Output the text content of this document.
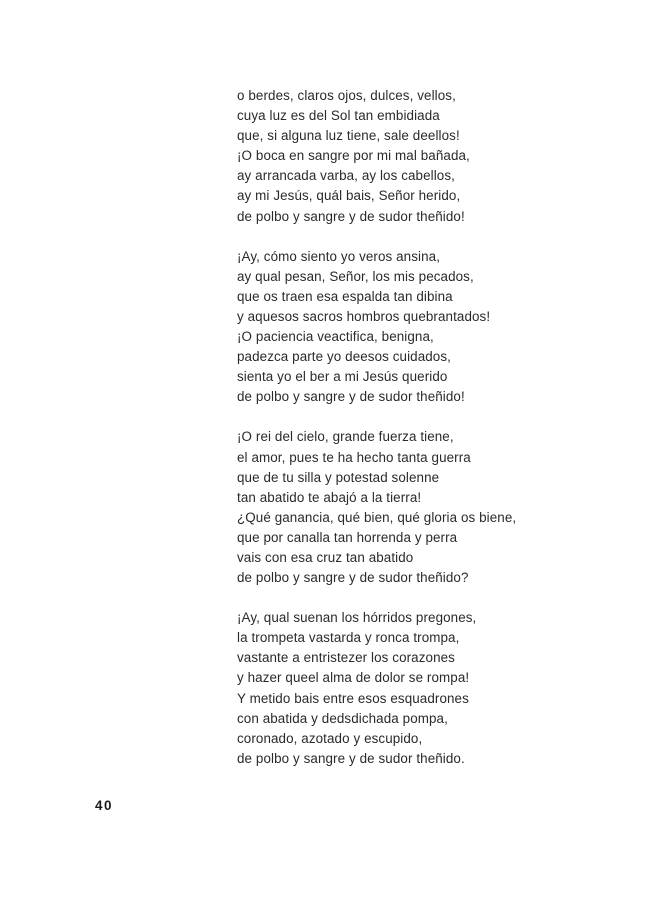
o berdes, claros ojos, dulces, vellos,
cuya luz es del Sol tan embidiada
que, si alguna luz tiene, sale deellos!
¡O boca en sangre por mi mal bañada,
ay arrancada varba, ay los cabellos,
ay mi Jesús, quál bais, Señor herido,
de polbo y sangre y de sudor theñido!
¡Ay, cómo siento yo veros ansina,
ay qual pesan, Señor, los mis pecados,
que os traen esa espalda tan dibina
y aquesos sacros hombros quebrantados!
¡O paciencia veactifica, benigna,
padezca parte yo deesos cuidados,
sienta yo el ber a mi Jesús querido
de polbo y sangre y de sudor theñido!
¡O rei del cielo, grande fuerza tiene,
el amor, pues te ha hecho tanta guerra
que de tu silla y potestad solenne
tan abatido te abajó a la tierra!
¿Qué ganancia, qué bien, qué gloria os biene,
que por canalla tan horrenda y perra
vais con esa cruz tan abatido
de polbo y sangre y de sudor theñido?
¡Ay, qual suenan los hórridos pregones,
la trompeta vastarda y ronca trompa,
vastante a entristezer los corazones
y hazer queel alma de dolor se rompa!
Y metido bais entre esos esquadrones
con abatida y dedsdichada pompa,
coronado, azotado y escupido,
de polbo y sangre y de sudor theñido.
40
